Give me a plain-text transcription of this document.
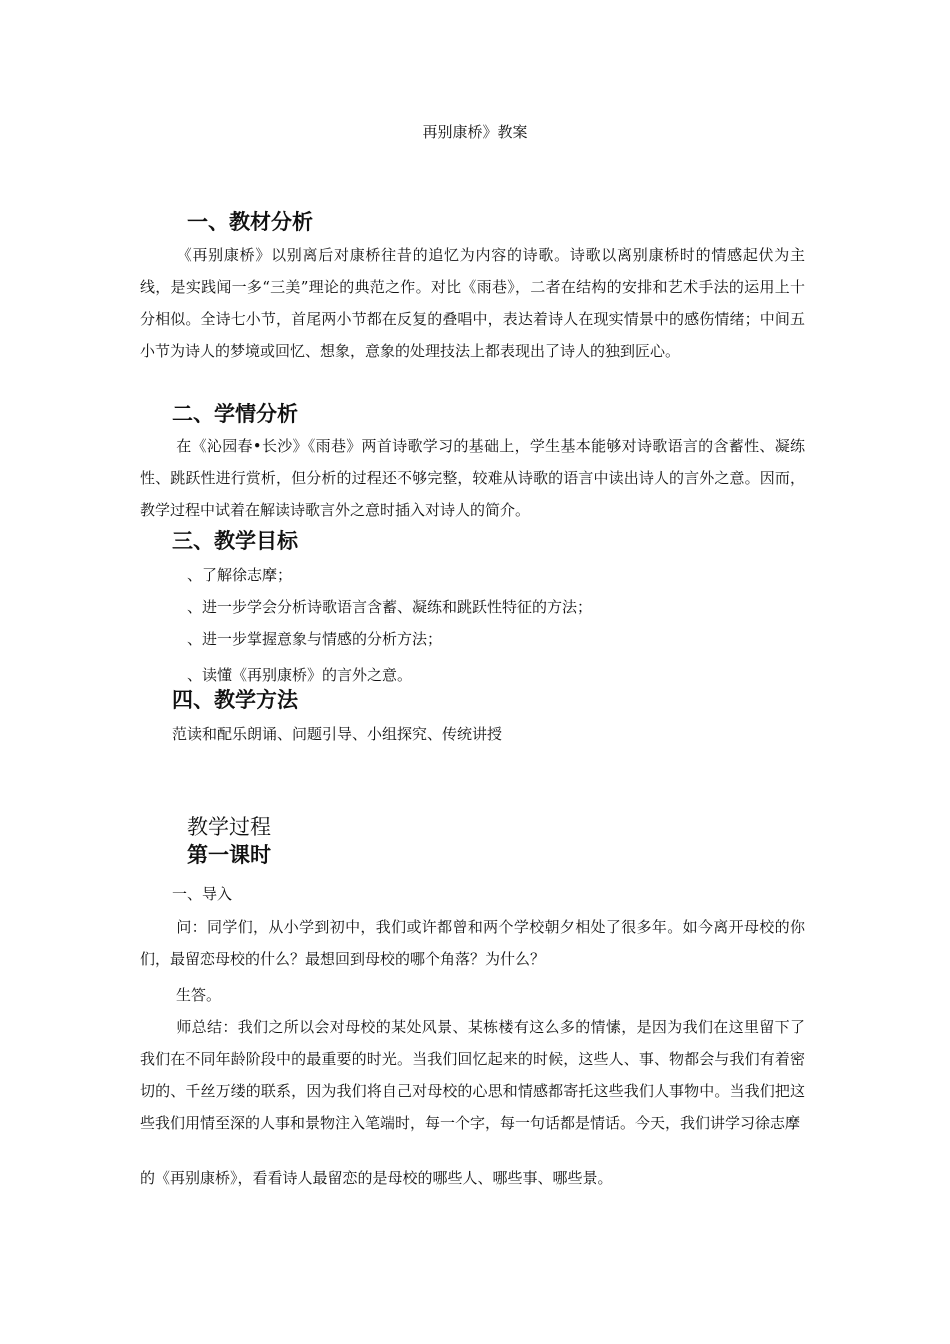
再别康桥》教案
一、教材分析
《再别康桥》以别离后对康桥往昔的追忆为内容的诗歌。诗歌以离别康桥时的情感起伏为主线，是实践闻一多“三美”理论的典范之作。对比《雨巷》，二者在结构的安排和艺术手法的运用上十分相似。全诗七小节，首尾两小节都在反复的叠唱中，表达着诗人在现实情景中的感伤情绪；中间五小节为诗人的梦境或回忆、想象，意象的处理技法上都表现出了诗人的独到匠心。
二、学情分析
在《沁园春•长沙》《雨巷》两首诗歌学习的基础上，学生基本能够对诗歌语言的含蓄性、凝练性、跳跃性进行赏析，但分析的过程还不够完整，较难从诗歌的语言中读出诗人的言外之意。因而，教学过程中试着在解读诗歌言外之意时插入对诗人的简介。
三、教学目标
、了解徐志摩；
、进一步学会分析诗歌语言含蓄、凝练和跳跃性特征的方法；
、进一步掌握意象与情感的分析方法；
、读懂《再别康桥》的言外之意。
四、教学方法
范读和配乐朗诵、问题引导、小组探究、传统讲授
教学过程
第一课时
一、导入
问：同学们，从小学到初中，我们或许都曾和两个学校朝夕相处了很多年。如今离开母校的你们，最留恋母校的什么？最想回到母校的哪个角落？为什么？
生答。
师总结：我们之所以会对母校的某处风景、某栋楼有这么多的情愫，是因为我们在这里留下了我们在不同年龄阶段中的最重要的时光。当我们回忆起来的时候，这些人、事、物都会与我们有着密切的、千丝万缕的联系，因为我们将自己对母校的心思和情感都寄托这些我们人事物中。当我们把这些我们用情至深的人事和景物注入笔端时，每一个字，每一句话都是情话。今天，我们讲学习徐志摩
的《再别康桥》，看看诗人最留恋的是母校的哪些人、哪些事、哪些景。
